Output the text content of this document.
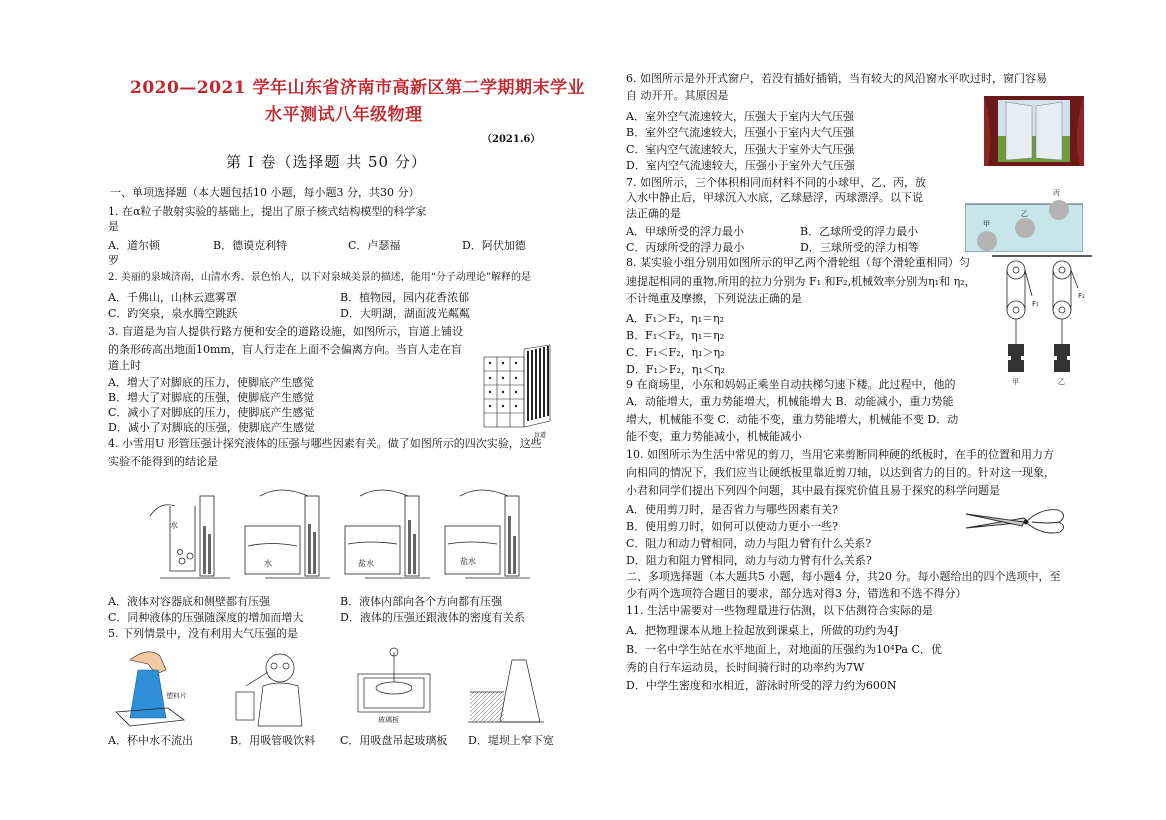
2020—2021 学年山东省济南市高新区第二学期期末学业
水平测试八年级物理
（2021.6）
第 I 卷（选择题 共 50 分）
一、单项选择题（本大题包括10 小题，每小题3 分，共30 分）
1. 在α粒子散射实验的基础上，提出了原子核式结构模型的科学家
是
A．道尔顿	B．德谟克利特	C．卢瑟福	D．阿伏加德
罗
2. 美丽的泉城济南，山清水秀、景色怡人，以下对泉城美景的描述，能用“分子动理论”解释的是
A．千佛山，山林云遮雾罩	B．植物园，园内花香浓郁
C．趵突泉，泉水腾空跳跃	D．大明湖，湖面波光粼粼
3. 盲道是为盲人提供行路方便和安全的道路设施，如图所示，盲道上铺设
的条形砖高出地面10mm，盲人行走在上面不会偏离方向。当盲人走在盲
道上时
A．增大了对脚底的压力，使脚底产生感觉
B．增大了对脚底的压强，使脚底产生感觉
C．减小了对脚底的压力，使脚底产生感觉
D．减小了对脚底的压强，使脚底产生感觉
盲道
4. 小雪用U 形管压强计探究液体的压强与哪些因素有关。做了如图所示的四次实验，这些
实验不能得到的结论是
水
水	盐水	盐水
A．液体对容器底和侧壁都有压强	B．液体内部向各个方向都有压强
C．同种液体的压强随深度的增加而增大	D．液体的压强还跟液体的密度有关系
5. 下列情景中，没有利用大气压强的是
塑料片
玻璃板
A．杯中水不流出	B．用吸管吸饮料 C．用吸盘吊起玻璃板 D．堤坝上窄下宽
6. 如图所示是外开式窗户，若没有插好插销，当有较大的风沿窗水平吹过时，窗门容易
自 动开开。其原因是
A．室外空气流速较大，压强大于室内大气压强
B．室外空气流速较大，压强小于室内大气压强
C．室内空气流速较大，压强大于室外大气压强
D．室内空气流速较大，压强小于室外大气压强
7. 如图所示，三个体积相同而材料不同的小球甲、乙、丙，放
入水中静止后，甲球沉入水底，乙球悬浮，丙球漂浮。以下说
法正确的是
A．甲球所受的浮力最小	B．乙球所受的浮力最小
C．丙球所受的浮力最小	D．三球所受的浮力相等
甲
乙
丙
8. 某实验小组分别用如图所示的甲乙两个滑轮组（每个滑轮重相同）匀
速提起相同的重物,所用的拉力分别为 F₁ 和F₂,机械效率分别为η₁和 η₂，
不计绳重及摩擦，下列说法正确的是
A．F₁＞F₂，η₁＝η₂
B．F₁＜F₂，η₁＝η₂
C．F₁＜F₂，η₁＞η₂
D．F₁＞F₂，η₁＜η₂
F₁
F₂
甲	乙
9 在商场里，小东和妈妈正乘坐自动扶梯匀速下楼。此过程中，他的
A．动能增大，重力势能增大，机械能增大 B．动能减小，重力势能
增大，机械能不变 C．动能不变，重力势能增大，机械能不变 D．动
能不变，重力势能减小，机械能减小
10. 如图所示为生活中常见的剪刀，当用它来剪断同种硬的纸板时，在手的位置和用力方
向相同的情况下，我们应当让硬纸板里靠近剪刀轴，以达到省力的目的。针对这一现象，
小君和同学们提出下列四个问题，其中最有探究价值且易于探究的科学问题是
A．使用剪刀时，是否省力与哪些因素有关?
B．使用剪刀时，如何可以使动力更小一些?
C．阻力和动力臂相同，动力与阻力臂有什么关系?
D．阻力和阻力臂相同，动力与动力臂有什么关系?
二、多项选择题（本大题共5 小题，每小题4 分，共20 分。每小题给出的四个选项中，至
少有两个选项符合题目的要求，部分选对得3 分，错选和不选不得分）
11. 生活中需要对一些物理量进行估测，以下估测符合实际的是
A．把物理课本从地上捡起放到课桌上，所做的功约为4J
B．一名中学生站在水平地面上，对地面的压强约为10⁴Pa C．优
秀的自行车运动员，长时间骑行时的功率约为7W
D．中学生密度和水相近，游泳时所受的浮力约为600N
